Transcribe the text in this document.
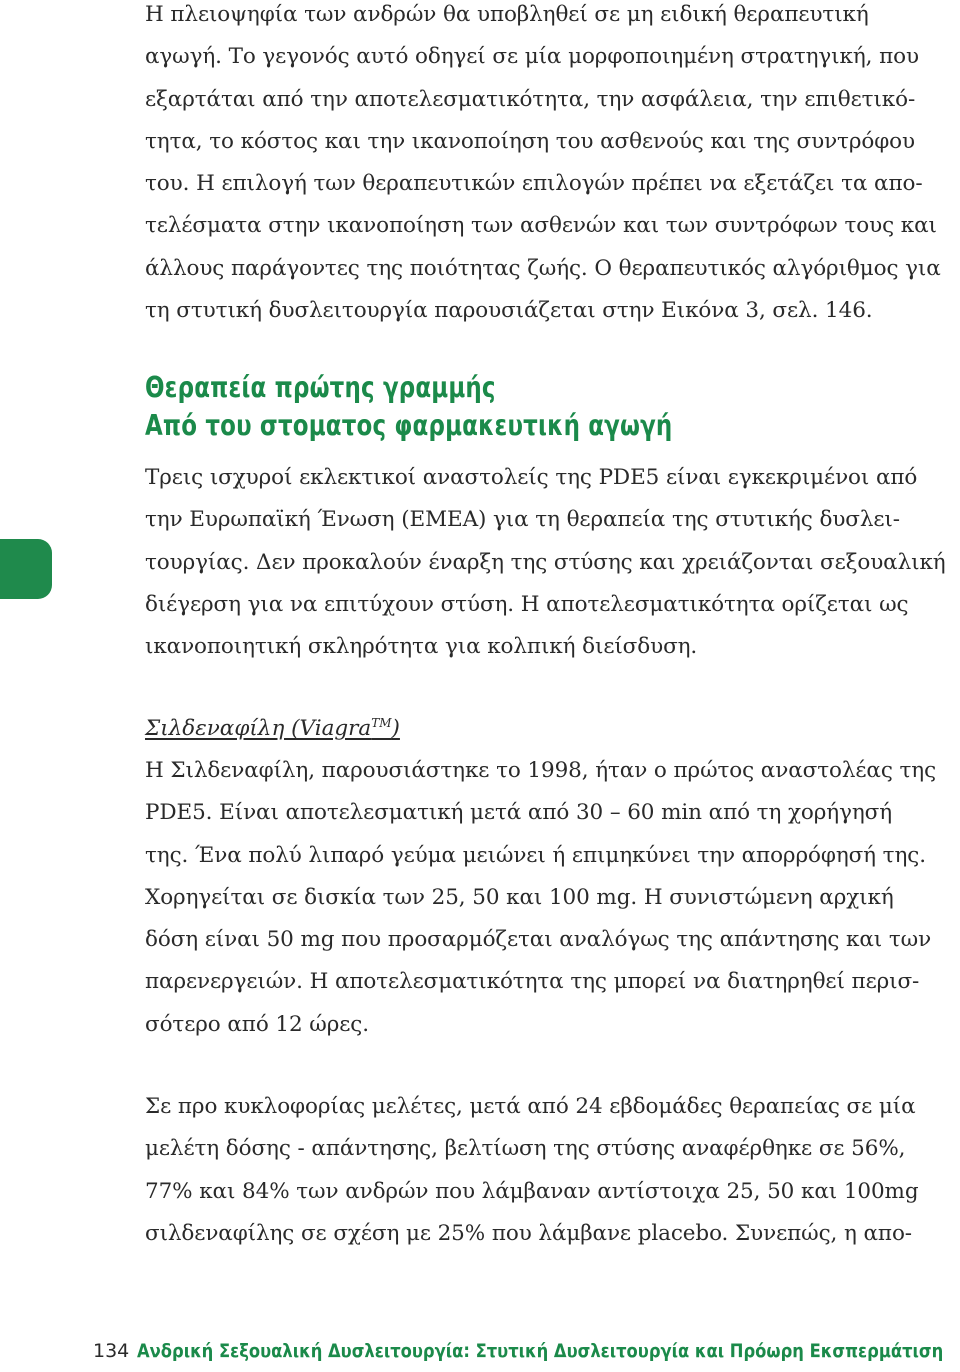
Η πλειοψηφία των ανδρών θα υποβληθεί σε μη ειδική θεραπευτική
αγωγή. Το γεγονός αυτό οδηγεί σε μία μορφοποιημένη στρατηγική, που
εξαρτάται από την αποτελεσματικότητα, την ασφάλεια, την επιθετικό-
τητα, το κόστος και την ικανοποίηση του ασθενούς και της συντρόφου
του. Η επιλογή των θεραπευτικών επιλογών πρέπει να εξετάζει τα απο-
τελέσματα στην ικανοποίηση των ασθενών και των συντρόφων τους και
άλλους παράγοντες της ποιότητας ζωής. Ο θεραπευτικός αλγόριθμος για
τη στυτική δυσλειτουργία παρουσιάζεται στην Εικόνα 3, σελ. 146.

Θεραπεία πρώτης γραμμής
Από του στοματος φαρμακευτική αγωγή

Τρεις ισχυροί εκλεκτικοί αναστολείς της PDE5 είναι εγκεκριμένοι από
την Ευρωπαϊκή Ένωση (ΕΜΕΑ) για τη θεραπεία της στυτικής δυσλει-
τουργίας. Δεν προκαλούν έναρξη της στύσης και χρειάζονται σεξουαλική
διέγερση για να επιτύχουν στύση. Η αποτελεσματικότητα ορίζεται ως
ικανοποιητική σκληρότητα για κολπική διείσδυση.

Σιλδεναφίλη (Viagra™)

Η Σιλδεναφίλη, παρουσιάστηκε το 1998, ήταν ο πρώτος αναστολέας της
PDE5. Είναι αποτελεσματική μετά από 30 – 60 min από τη χορήγησή
της. Ένα πολύ λιπαρό γεύμα μειώνει ή επιμηκύνει την απορρόφησή της.
Χορηγείται σε δισκία των 25, 50 και 100 mg. Η συνιστώμενη αρχική
δόση είναι 50 mg που προσαρμόζεται αναλόγως της απάντησης και των
παρενεργειών. Η αποτελεσματικότητα της μπορεί να διατηρηθεί περισ-
σότερο από 12 ώρες.

Σε προ κυκλοφορίας μελέτες, μετά από 24 εβδομάδες θεραπείας σε μία
μελέτη δόσης - απάντησης, βελτίωση της στύσης αναφέρθηκε σε 56%,
77% και 84% των ανδρών που λάμβαναν αντίστοιχα 25, 50 και 100mg
σιλδεναφίλης σε σχέση με 25% που λάμβανε placebo. Συνεπώς, η απο-

134 Ανδρική Σεξουαλική Δυσλειτουργία: Στυτική Δυσλειτουργία και Πρόωρη Εκσπερμάτιση
